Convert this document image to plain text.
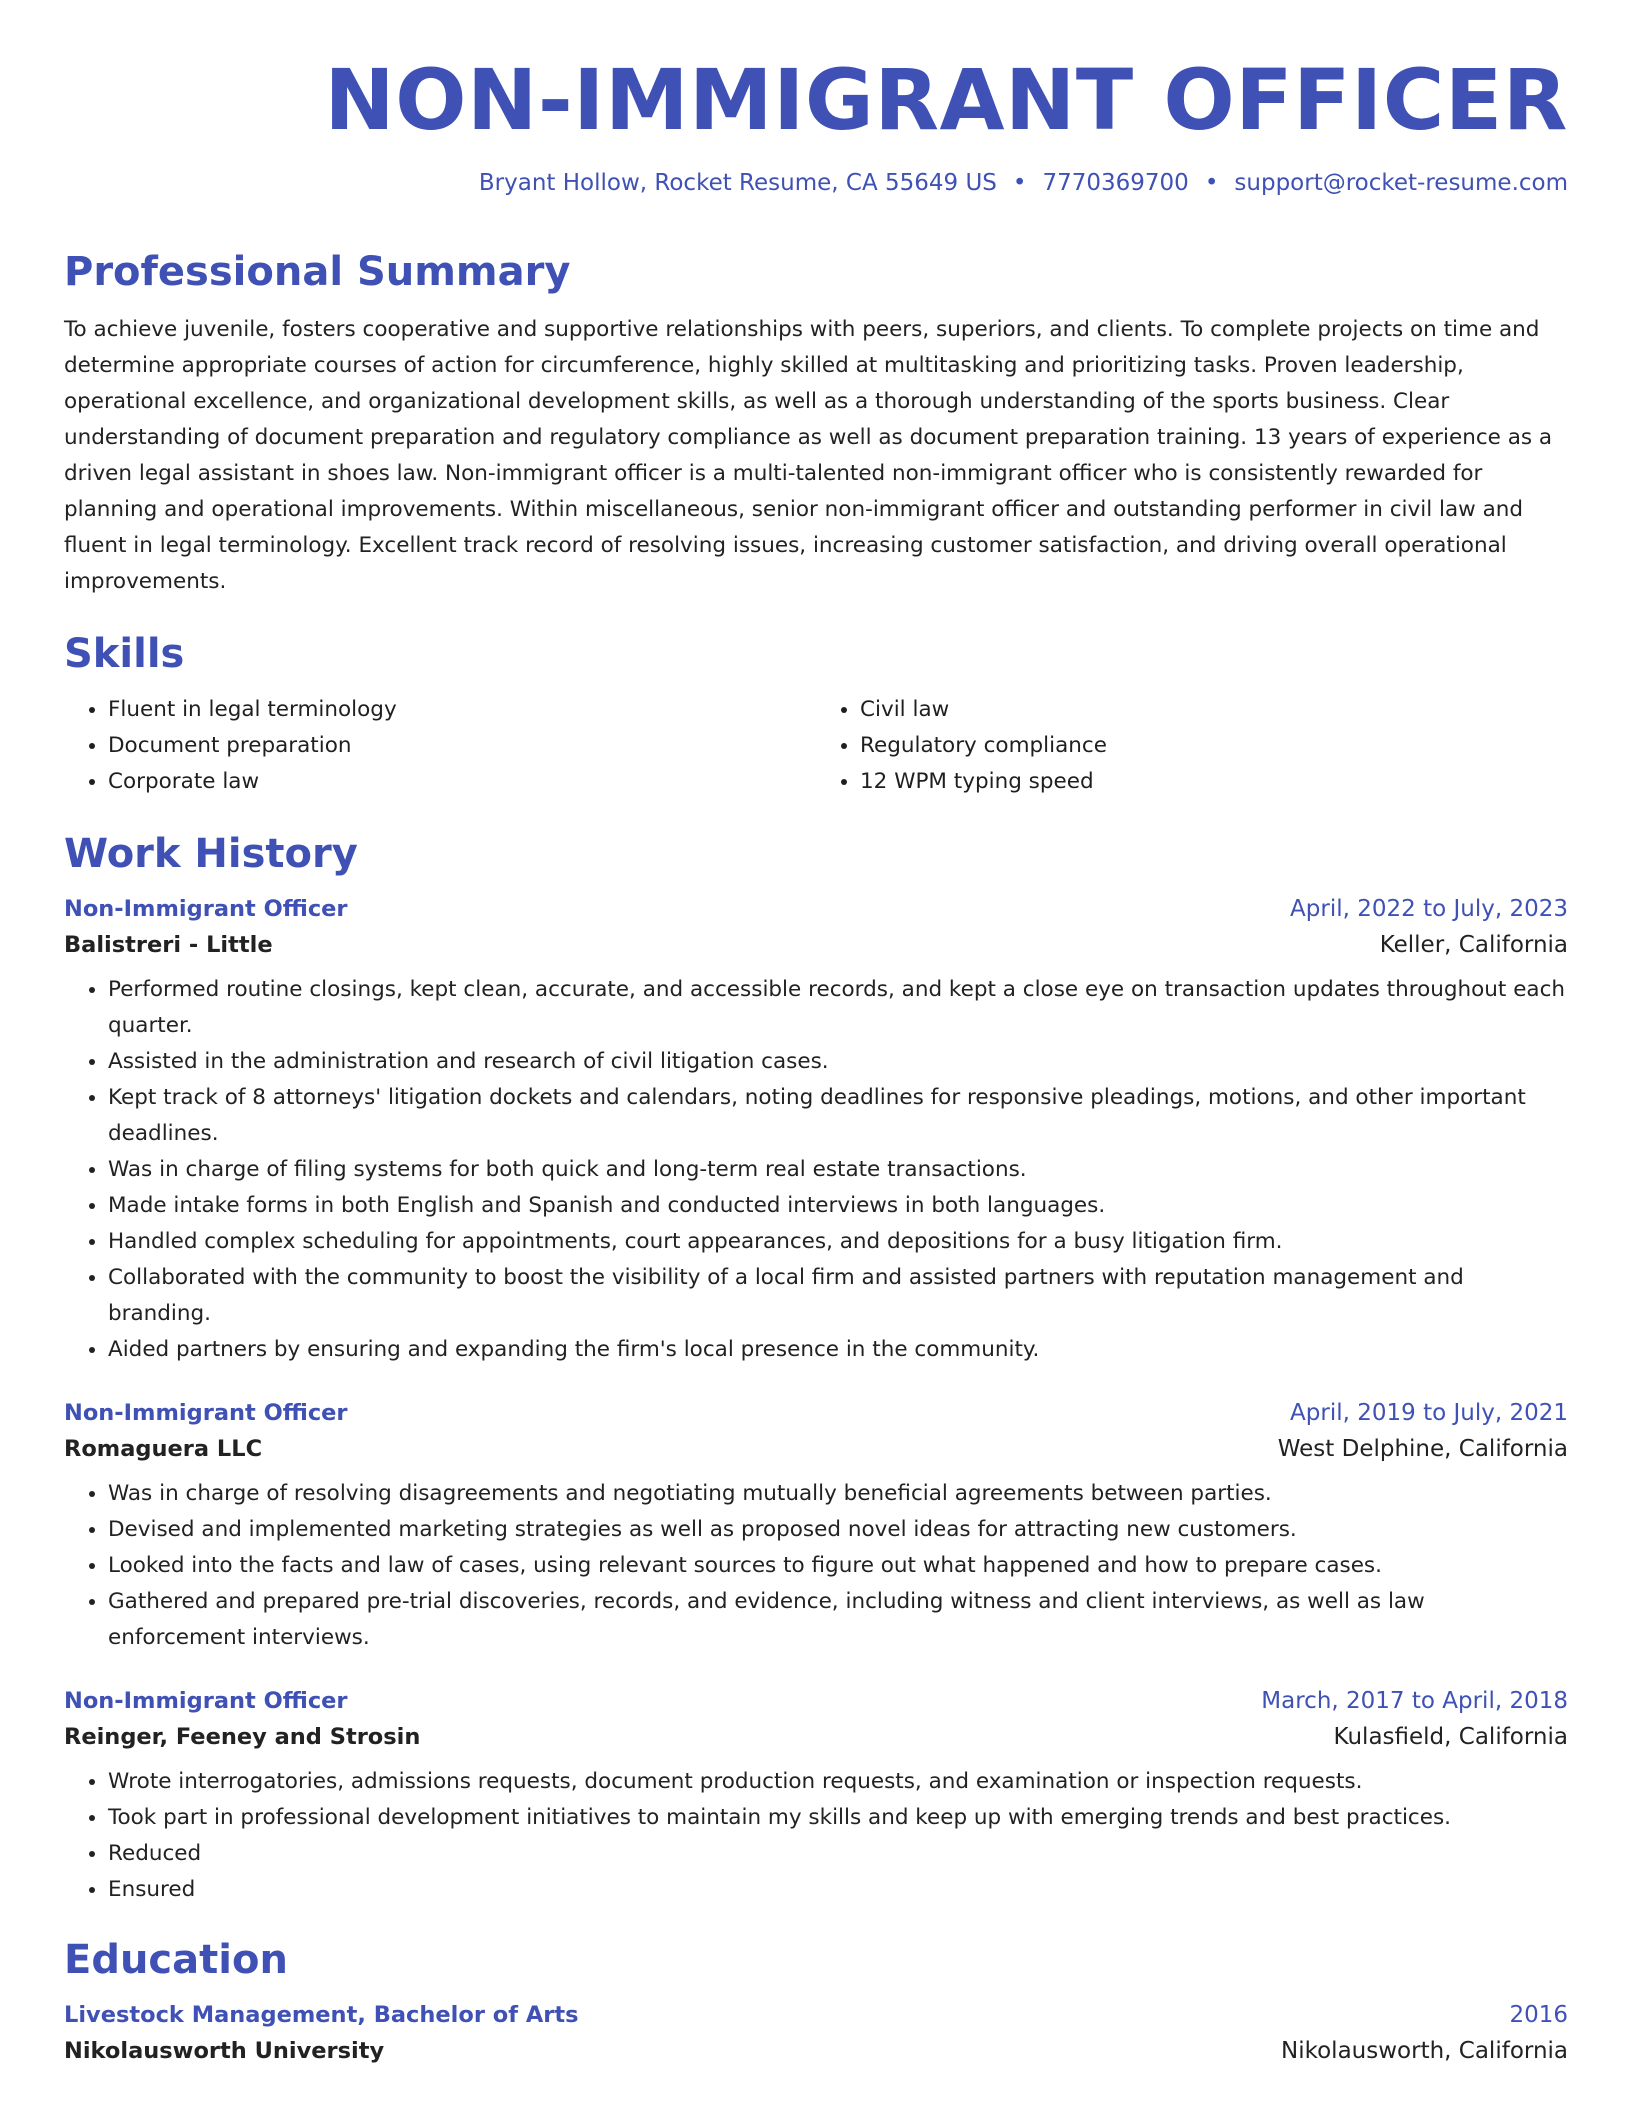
NON-IMMIGRANT OFFICER
Bryant Hollow, Rocket Resume, CA 55649 US • 7770369700 • support@rocket-resume.com
Professional Summary
To achieve juvenile, fosters cooperative and supportive relationships with peers, superiors, and clients. To complete projects on time and determine appropriate courses of action for circumference, highly skilled at multitasking and prioritizing tasks. Proven leadership, operational excellence, and organizational development skills, as well as a thorough understanding of the sports business. Clear understanding of document preparation and regulatory compliance as well as document preparation training. 13 years of experience as a driven legal assistant in shoes law. Non-immigrant officer is a multi-talented non-immigrant officer who is consistently rewarded for planning and operational improvements. Within miscellaneous, senior non-immigrant officer and outstanding performer in civil law and fluent in legal terminology. Excellent track record of resolving issues, increasing customer satisfaction, and driving overall operational improvements.
Skills
• Fluent in legal terminology
• Document preparation
• Corporate law
• Civil law
• Regulatory compliance
• 12 WPM typing speed
Work History
Non-Immigrant Officer	April, 2022 to July, 2023
Balistreri - Little	Keller, California
• Performed routine closings, kept clean, accurate, and accessible records, and kept a close eye on transaction updates throughout each quarter.
• Assisted in the administration and research of civil litigation cases.
• Kept track of 8 attorneys' litigation dockets and calendars, noting deadlines for responsive pleadings, motions, and other important deadlines.
• Was in charge of filing systems for both quick and long-term real estate transactions.
• Made intake forms in both English and Spanish and conducted interviews in both languages.
• Handled complex scheduling for appointments, court appearances, and depositions for a busy litigation firm.
• Collaborated with the community to boost the visibility of a local firm and assisted partners with reputation management and branding.
• Aided partners by ensuring and expanding the firm's local presence in the community.
Non-Immigrant Officer	April, 2019 to July, 2021
Romaguera LLC	West Delphine, California
• Was in charge of resolving disagreements and negotiating mutually beneficial agreements between parties.
• Devised and implemented marketing strategies as well as proposed novel ideas for attracting new customers.
• Looked into the facts and law of cases, using relevant sources to figure out what happened and how to prepare cases.
• Gathered and prepared pre-trial discoveries, records, and evidence, including witness and client interviews, as well as law enforcement interviews.
Non-Immigrant Officer	March, 2017 to April, 2018
Reinger, Feeney and Strosin	Kulasfield, California
• Wrote interrogatories, admissions requests, document production requests, and examination or inspection requests.
• Took part in professional development initiatives to maintain my skills and keep up with emerging trends and best practices.
• Reduced
• Ensured
Education
Livestock Management, Bachelor of Arts	2016
Nikolausworth University	Nikolausworth, California
